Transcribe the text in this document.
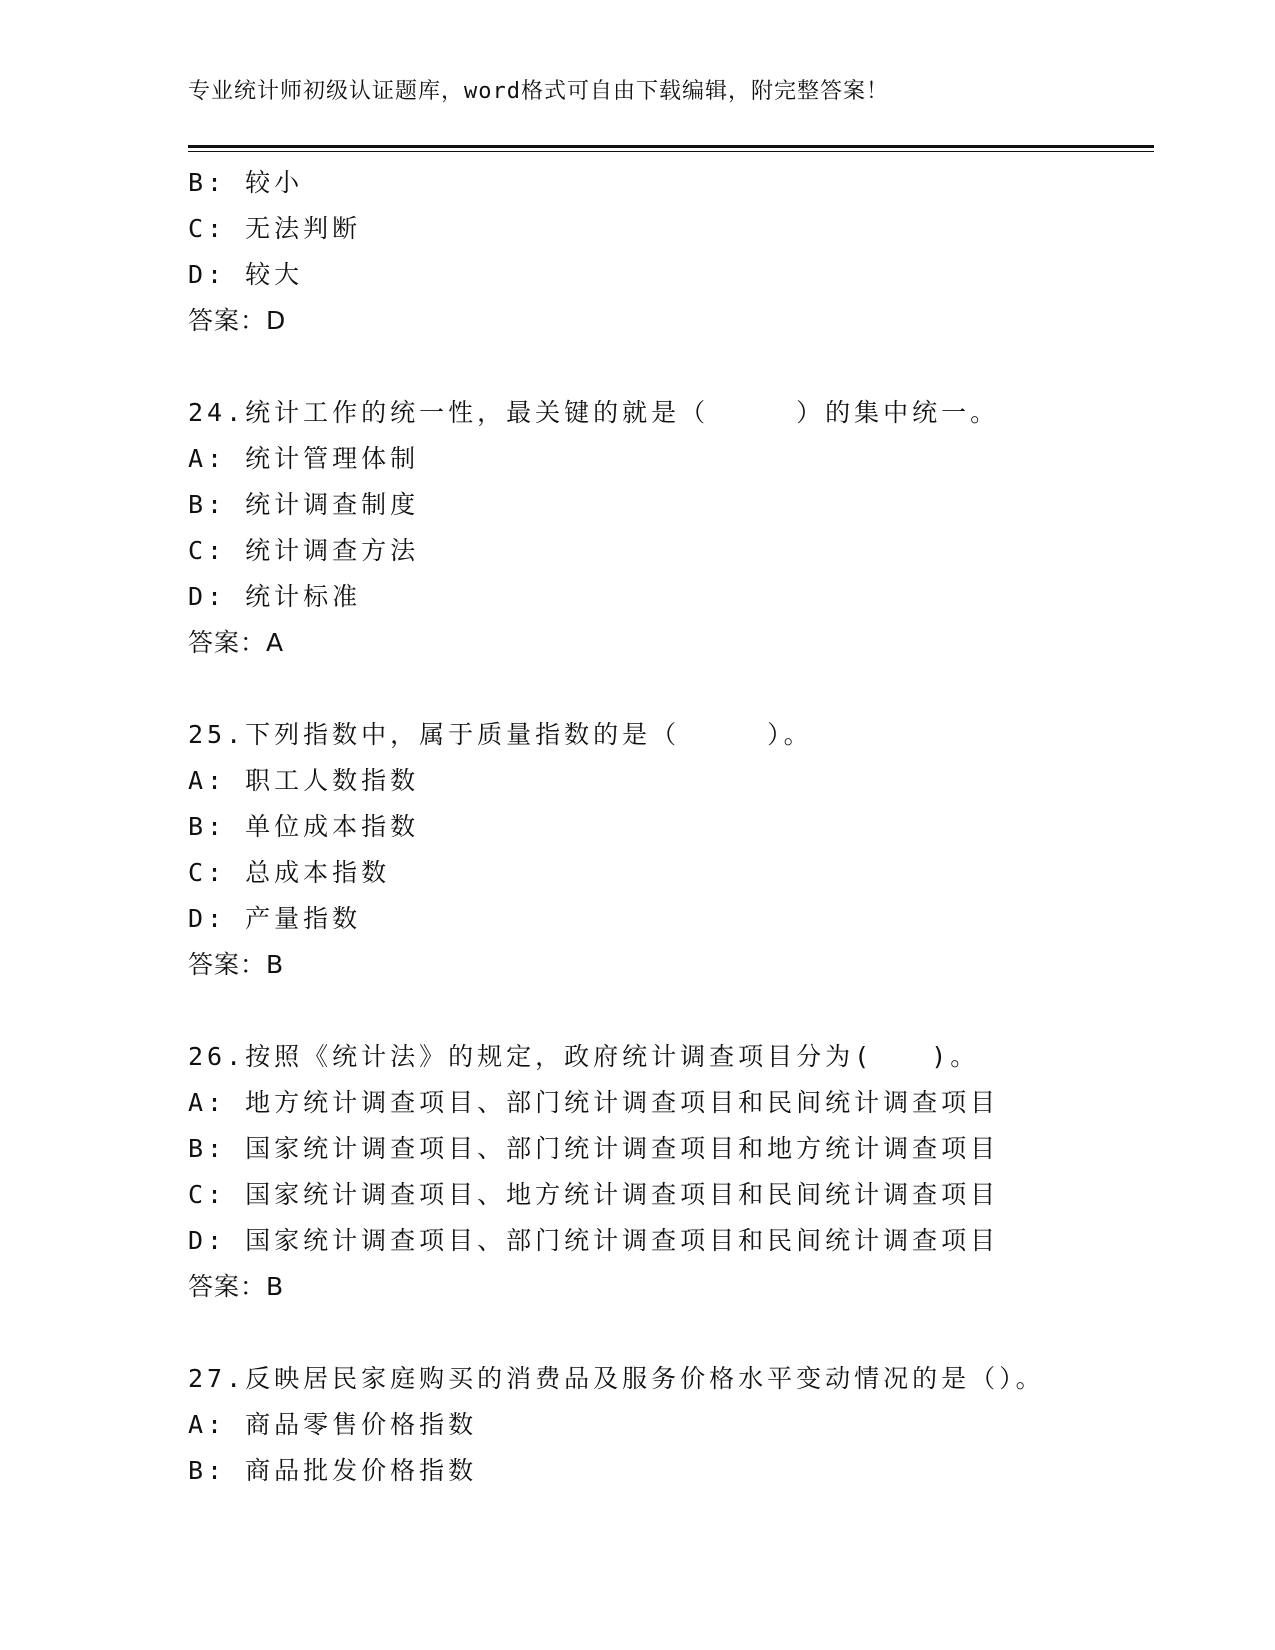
专业统计师初级认证题库，word格式可自由下载编辑，附完整答案！
B: 较小
C: 无法判断
D: 较大
答案：D
24.统计工作的统一性，最关键的就是（　　　）的集中统一。
A: 统计管理体制
B: 统计调查制度
C: 统计调查方法
D: 统计标准
答案：A
25.下列指数中，属于质量指数的是（　　　）。
A: 职工人数指数
B: 单位成本指数
C: 总成本指数
D: 产量指数
答案：B
26.按照《统计法》的规定，政府统计调查项目分为(　　)。
A: 地方统计调查项目、部门统计调查项目和民间统计调查项目
B: 国家统计调查项目、部门统计调查项目和地方统计调查项目
C: 国家统计调查项目、地方统计调查项目和民间统计调查项目
D: 国家统计调查项目、部门统计调查项目和民间统计调查项目
答案：B
27.反映居民家庭购买的消费品及服务价格水平变动情况的是（）。
A: 商品零售价格指数
B: 商品批发价格指数
